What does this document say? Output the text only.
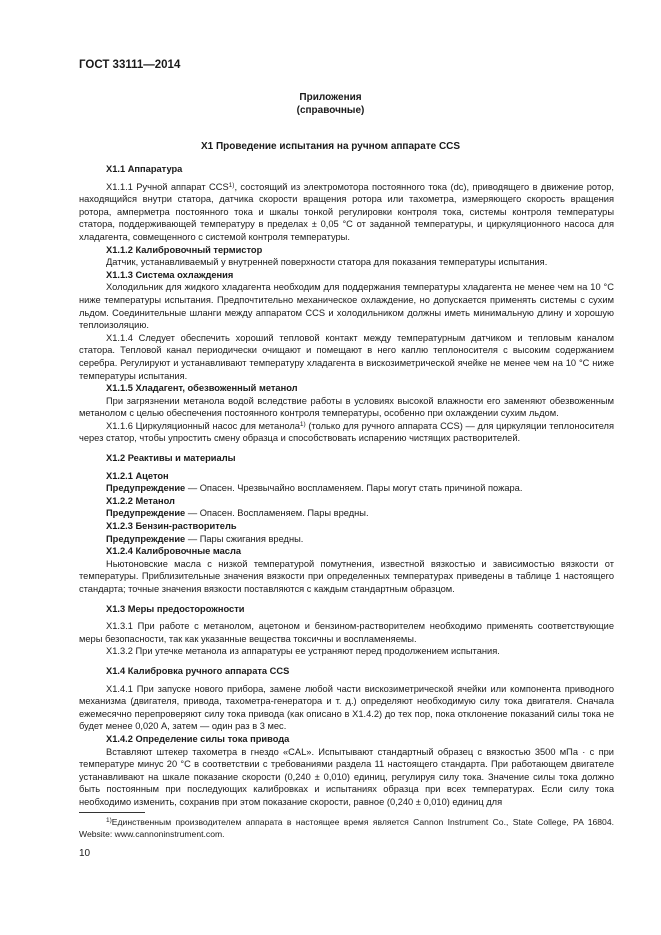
ГОСТ 33111—2014
Приложения
(справочные)
X1 Проведение испытания на ручном аппарате CCS

X1.1 Аппаратура

X1.1.1 Ручной аппарат CCS$^{1)}$, состоящий из электромотора постоянного тока (dc), приводящего в движение ротор, находящийся внутри статора, датчика скорости вращения ротора или тахометра, измеряющего скорость вращения ротора, амперметра постоянного тока и шкалы тонкой регулировки контроля тока, системы контроля температуры статора, поддерживающей температуру в пределах ± 0,05 °С от заданной температуры, и циркуляционного насоса для хладагента, совмещенного с системой контроля температуры.

X1.1.2 Калибровочный термистор

Датчик, устанавливаемый у внутренней поверхности статора для показания температуры испытания.

X1.1.3 Система охлаждения

Холодильник для жидкого хладагента необходим для поддержания температуры хладагента не менее чем на 10 °С ниже температуры испытания. Предпочтительно механическое охлаждение, но допускается применять системы с сухим льдом. Соединительные шланги между аппаратом CCS и холодильником должны иметь минимальную длину и хорошую теплоизоляцию.

X1.1.4 Следует обеспечить хороший тепловой контакт между температурным датчиком и тепловым каналом статора. Тепловой канал периодически очищают и помещают в него каплю теплоносителя с высоким содержанием серебра. Регулируют и устанавливают температуру хладагента в вискозиметрической ячейке не менее чем на 10 °С ниже температуры испытания.

X1.1.5 Хладагент, обезвоженный метанол

При загрязнении метанола водой вследствие работы в условиях высокой влажности его заменяют обезвоженным метанолом с целью обеспечения постоянного контроля температуры, особенно при охлаждении сухим льдом.

X1.1.6 Циркуляционный насос для метанола$^{1)}$ (только для ручного аппарата CCS) — для циркуляции теплоносителя через статор, чтобы упростить смену образца и способствовать испарению чистящих растворителей.

X1.2 Реактивы и материалы

X1.2.1 Ацетон

Предупреждение — Опасен. Чрезвычайно воспламеняем. Пары могут стать причиной пожара.

X1.2.2 Метанол

Предупреждение — Опасен. Воспламеняем. Пары вредны.

X1.2.3 Бензин-растворитель

Предупреждение — Пары сжигания вредны.

X1.2.4 Калибровочные масла

Ньютоновские масла с низкой температурой помутнения, известной вязкостью и зависимостью вязкости от температуры. Приблизительные значения вязкости при определенных температурах приведены в таблице 1 настоящего стандарта; точные значения вязкости поставляются с каждым стандартным образцом.

X1.3 Меры предосторожности

X1.3.1 При работе с метанолом, ацетоном и бензином-растворителем необходимо применять соответствующие меры безопасности, так как указанные вещества токсичны и воспламеняемы.

X1.3.2 При утечке метанола из аппаратуры ее устраняют перед продолжением испытания.

X1.4 Калибровка ручного аппарата CCS

X1.4.1 При запуске нового прибора, замене любой части вискозиметрической ячейки или компонента приводного механизма (двигателя, привода, тахометра-генератора и т. д.) определяют необходимую силу тока двигателя. Сначала ежемесячно перепроверяют силу тока привода (как описано в X1.4.2) до тех пор, пока отклонение показаний силы тока не будет менее 0,020 А, затем — один раз в 3 мес.

X1.4.2 Определение силы тока привода

Вставляют штекер тахометра в гнездо «CAL». Испытывают стандартный образец с вязкостью 3500 мПа · с при температуре минус 20 °С в соответствии с требованиями раздела 11 настоящего стандарта. При работающем двигателе устанавливают на шкале показание скорости (0,240 ± 0,010) единиц, регулируя силу тока. Значение силы тока должно быть постоянным при последующих калибровках и испытаниях образца при всех температурах. Если силу тока необходимо изменить, сохранив при этом показание скорости, равное (0,240 ± 0,010) единиц для

$^{1)}$Единственным производителем аппарата в настоящее время является Cannon Instrument Co., State College, PA 16804. Website: www.cannoninstrument.com.

10
